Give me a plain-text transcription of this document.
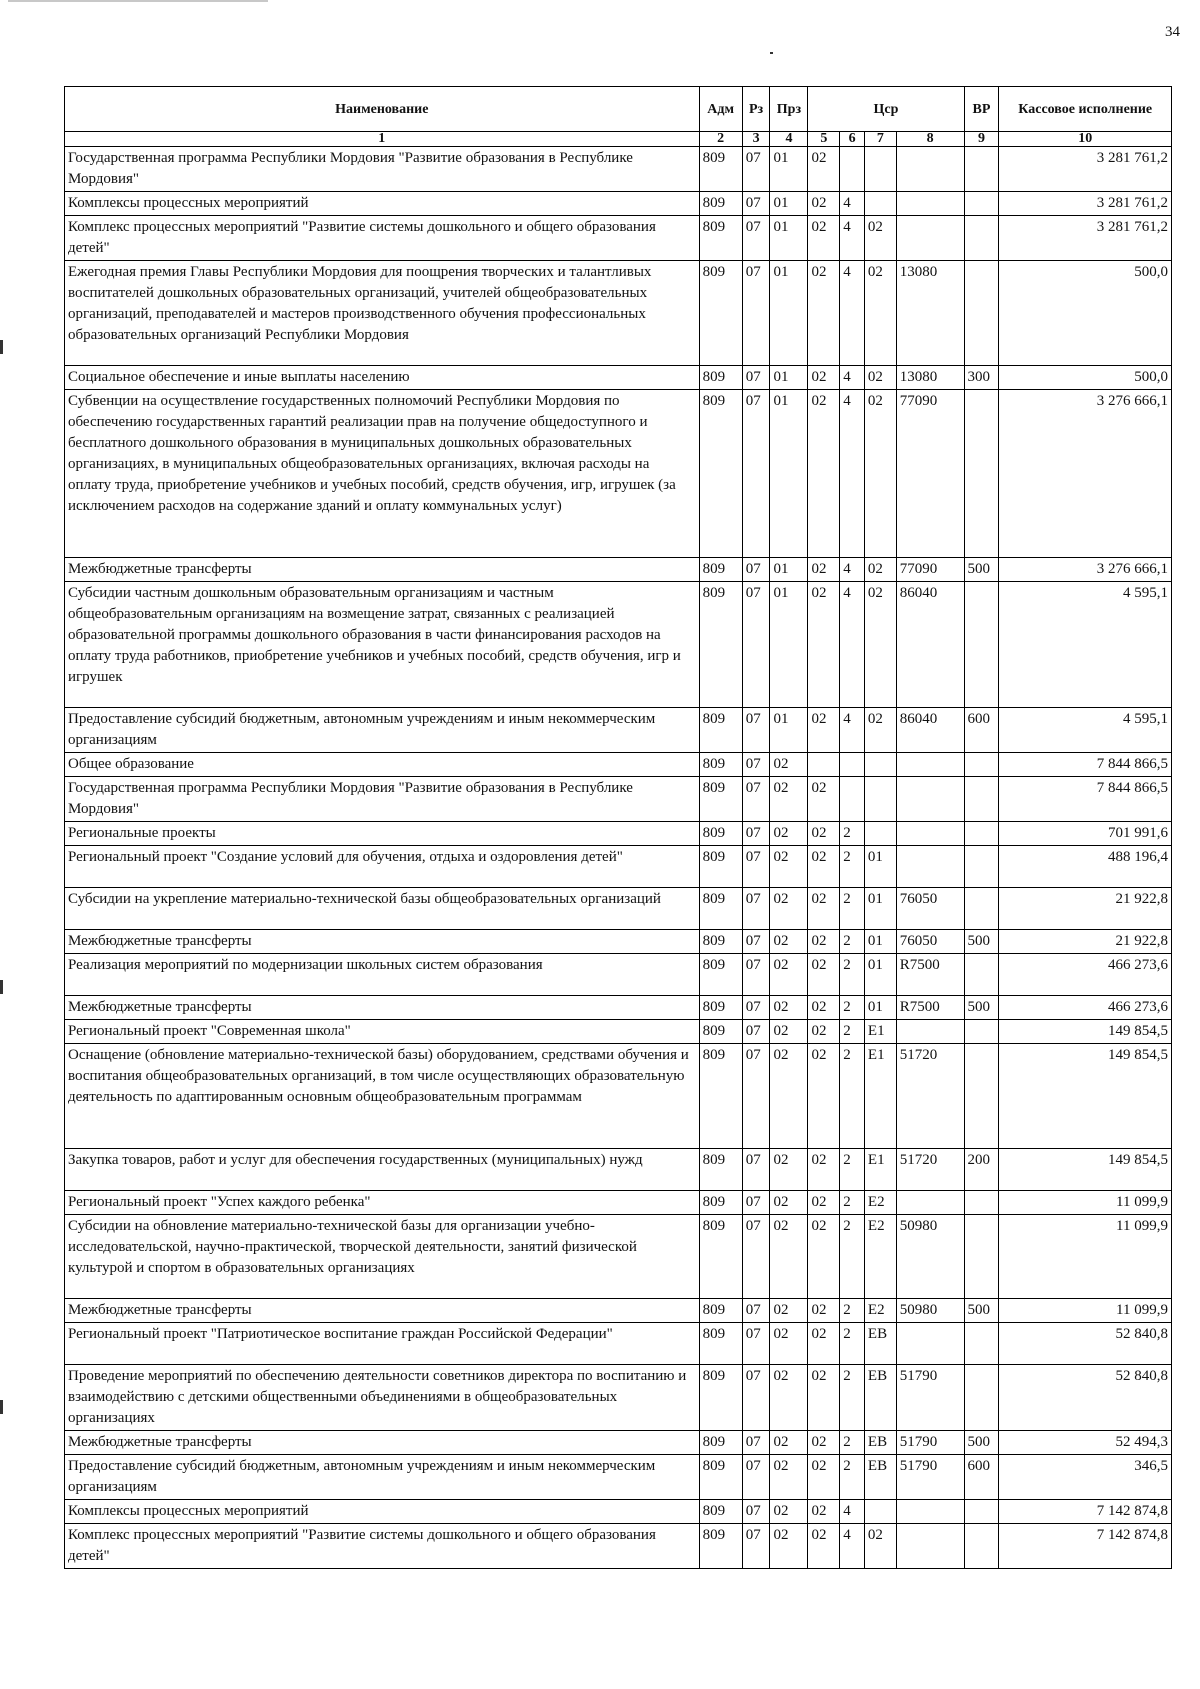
34
Наименование	Адм	Рз	Прз	Цср				ВР	Кассовое исполнение
1	2	3	4	5	6	7	8	9	10
Государственная программа Республики Мордовия "Развитие образования в Республике Мордовия"	809	07	01	02					3 281 761,2
Комплексы процессных мероприятий	809	07	01	02	4				3 281 761,2
Комплекс процессных мероприятий "Развитие системы дошкольного и общего образования детей"	809	07	01	02	4	02			3 281 761,2
Ежегодная премия Главы Республики Мордовия для поощрения творческих и талантливых воспитателей дошкольных образовательных организаций, учителей общеобразовательных организаций, преподавателей и мастеров производственного обучения профессиональных образовательных организаций Республики Мордовия	809	07	01	02	4	02	13080		500,0
Социальное обеспечение и иные выплаты населению	809	07	01	02	4	02	13080	300	500,0
Субвенции на осуществление государственных полномочий Республики Мордовия по обеспечению государственных гарантий реализации прав на получение общедоступного и бесплатного дошкольного образования в муниципальных дошкольных образовательных организациях, в муниципальных общеобразовательных организациях, включая расходы на оплату труда, приобретение учебников и учебных пособий, средств обучения, игр, игрушек (за исключением расходов на содержание зданий и оплату коммунальных услуг)	809	07	01	02	4	02	77090		3 276 666,1
Межбюджетные трансферты	809	07	01	02	4	02	77090	500	3 276 666,1
Субсидии частным дошкольным образовательным организациям и частным общеобразовательным организациям на возмещение затрат, связанных с реализацией образовательной программы дошкольного образования в части финансирования расходов на оплату труда работников, приобретение учебников и учебных пособий, средств обучения, игр и игрушек	809	07	01	02	4	02	86040		4 595,1
Предоставление субсидий бюджетным, автономным учреждениям и иным некоммерческим организациям	809	07	01	02	4	02	86040	600	4 595,1
Общее образование	809	07	02						7 844 866,5
Государственная программа Республики Мордовия "Развитие образования в Республике Мордовия"	809	07	02	02					7 844 866,5
Региональные проекты	809	07	02	02	2				701 991,6
Региональный проект "Создание условий для обучения, отдыха и оздоровления детей"	809	07	02	02	2	01			488 196,4
Субсидии на укрепление материально-технической базы общеобразовательных организаций	809	07	02	02	2	01	76050		21 922,8
Межбюджетные трансферты	809	07	02	02	2	01	76050	500	21 922,8
Реализация мероприятий по модернизации школьных систем образования	809	07	02	02	2	01	R7500		466 273,6
Межбюджетные трансферты	809	07	02	02	2	01	R7500	500	466 273,6
Региональный проект "Современная школа"	809	07	02	02	2	E1			149 854,5
Оснащение (обновление материально-технической базы) оборудованием, средствами обучения и воспитания общеобразовательных организаций, в том числе осуществляющих образовательную деятельность по адаптированным основным общеобразовательным программам	809	07	02	02	2	E1	51720		149 854,5
Закупка товаров, работ и услуг для обеспечения государственных (муниципальных) нужд	809	07	02	02	2	E1	51720	200	149 854,5
Региональный проект "Успех каждого ребенка"	809	07	02	02	2	E2			11 099,9
Субсидии на обновление материально-технической базы для организации учебно-исследовательской, научно-практической, творческой деятельности, занятий физической культурой и спортом в образовательных организациях	809	07	02	02	2	E2	50980		11 099,9
Межбюджетные трансферты	809	07	02	02	2	E2	50980	500	11 099,9
Региональный проект "Патриотическое воспитание граждан Российской Федерации"	809	07	02	02	2	EB			52 840,8
Проведение мероприятий по обеспечению деятельности советников директора по воспитанию и взаимодействию с детскими общественными объединениями в общеобразовательных организациях	809	07	02	02	2	EB	51790		52 840,8
Межбюджетные трансферты	809	07	02	02	2	EB	51790	500	52 494,3
Предоставление субсидий бюджетным, автономным учреждениям и иным некоммерческим организациям	809	07	02	02	2	EB	51790	600	346,5
Комплексы процессных мероприятий	809	07	02	02	4				7 142 874,8
Комплекс процессных мероприятий "Развитие системы дошкольного и общего образования детей"	809	07	02	02	4	02			7 142 874,8
